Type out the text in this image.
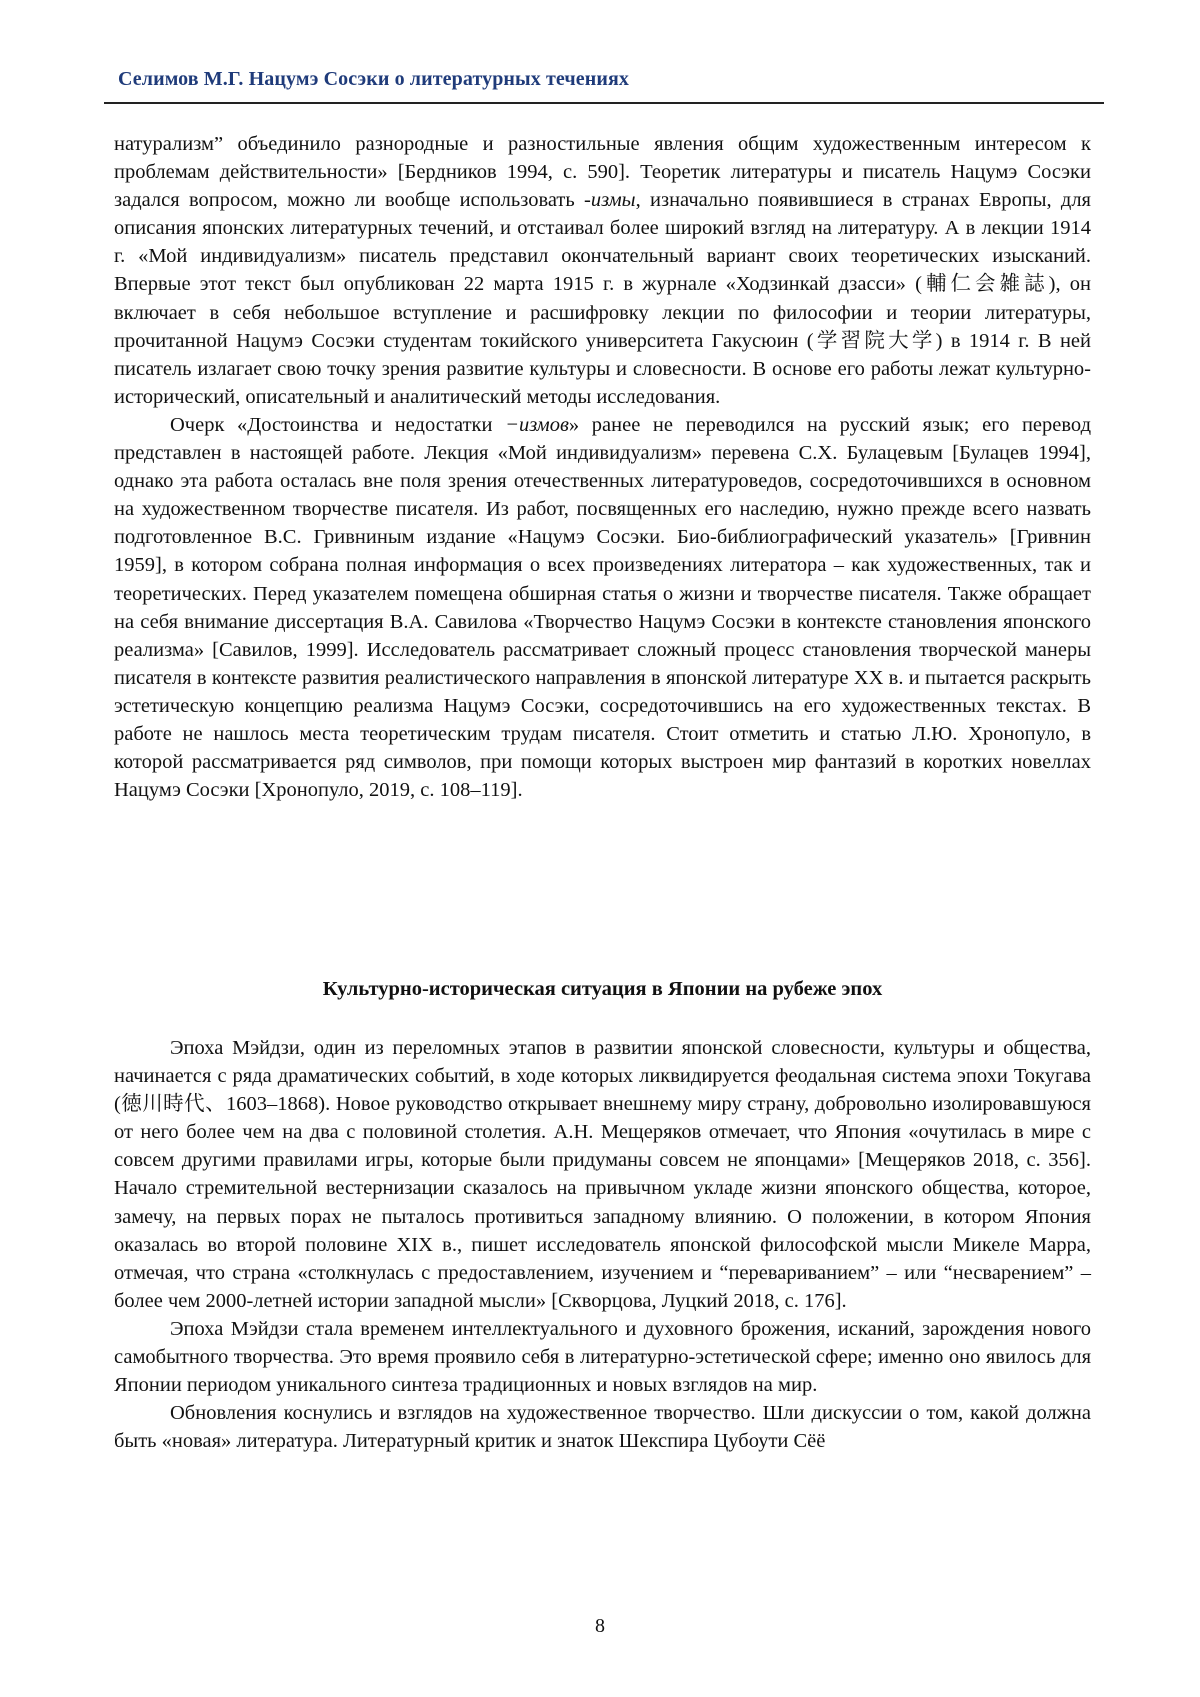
Селимов М.Г. Нацумэ Сосэки о литературных течениях

натурализм” объединило разнородные и разностильные явления общим художественным интересом к проблемам действительности» [Бердников 1994, с. 590]. Теоретик литературы и писатель Нацумэ Сосэки задался вопросом, можно ли вообще использовать -измы, изначально появившиеся в странах Европы, для описания японских литературных течений, и отстаивал более широкий взгляд на литературу. А в лекции 1914 г. «Мой индивидуализм» писатель представил окончательный вариант своих теоретических изысканий. Впервые этот текст был опубликован 22 марта 1915 г. в журнале «Ходзинкай дзасси» (輔仁会雑誌), он включает в себя небольшое вступление и расшифровку лекции по философии и теории литературы, прочитанной Нацумэ Сосэки студентам токийского университета Гакусюин (学習院大学) в 1914 г. В ней писатель излагает свою точку зрения развитие культуры и словесности. В основе его работы лежат культурно-исторический, описательный и аналитический методы исследования.

Очерк «Достоинства и недостатки −измов» ранее не переводился на русский язык; его перевод представлен в настоящей работе. Лекция «Мой индивидуализм» перевена С.Х. Булацевым [Булацев 1994], однако эта работа осталась вне поля зрения отечественных литературоведов, сосредоточившихся в основном на художественном творчестве писателя. Из работ, посвященных его наследию, нужно прежде всего назвать подготовленное В.С. Гривниным издание «Нацумэ Сосэки. Био-библиографический указатель» [Гривнин 1959], в котором собрана полная информация о всех произведениях литератора – как художественных, так и теоретических. Перед указателем помещена обширная статья о жизни и творчестве писателя. Также обращает на себя внимание диссертация В.А. Савилова «Творчество Нацумэ Сосэки в контексте становления японского реализма» [Савилов, 1999]. Исследователь рассматривает сложный процесс становления творческой манеры писателя в контексте развития реалистического направления в японской литературе XX в. и пытается раскрыть эстетическую концепцию реализма Нацумэ Сосэки, сосредоточившись на его художественных текстах. В работе не нашлось места теоретическим трудам писателя. Стоит отметить и статью Л.Ю. Хронопуло, в которой рассматривается ряд символов, при помощи которых выстроен мир фантазий в коротких новеллах Нацумэ Сосэки [Хронопуло, 2019, с. 108–119].

Культурно-историческая ситуация в Японии на рубеже эпох

Эпоха Мэйдзи, один из переломных этапов в развитии японской словесности, культуры и общества, начинается с ряда драматических событий, в ходе которых ликвидируется феодальная система эпохи Токугава (徳川時代、1603–1868). Новое руководство открывает внешнему миру страну, добровольно изолировавшуюся от него более чем на два с половиной столетия. А.Н. Мещеряков отмечает, что Япония «очутилась в мире с совсем другими правилами игры, которые были придуманы совсем не японцами» [Мещеряков 2018, с. 356]. Начало стремительной вестернизации сказалось на привычном укладе жизни японского общества, которое, замечу, на первых порах не пыталось противиться западному влиянию. О положении, в котором Япония оказалась во второй половине XIX в., пишет исследователь японской философской мысли Микеле Марра, отмечая, что страна «столкнулась с предоставлением, изучением и “перевариванием” – или “несварением” – более чем 2000-летней истории западной мысли» [Скворцова, Луцкий 2018, с. 176].

Эпоха Мэйдзи стала временем интеллектуального и духовного брожения, исканий, зарождения нового самобытного творчества. Это время проявило себя в литературно-эстетической сфере; именно оно явилось для Японии периодом уникального синтеза традиционных и новых взглядов на мир.

Обновления коснулись и взглядов на художественное творчество. Шли дискуссии о том, какой должна быть «новая» литература. Литературный критик и знаток Шекспира Цубоути Сёё

8
